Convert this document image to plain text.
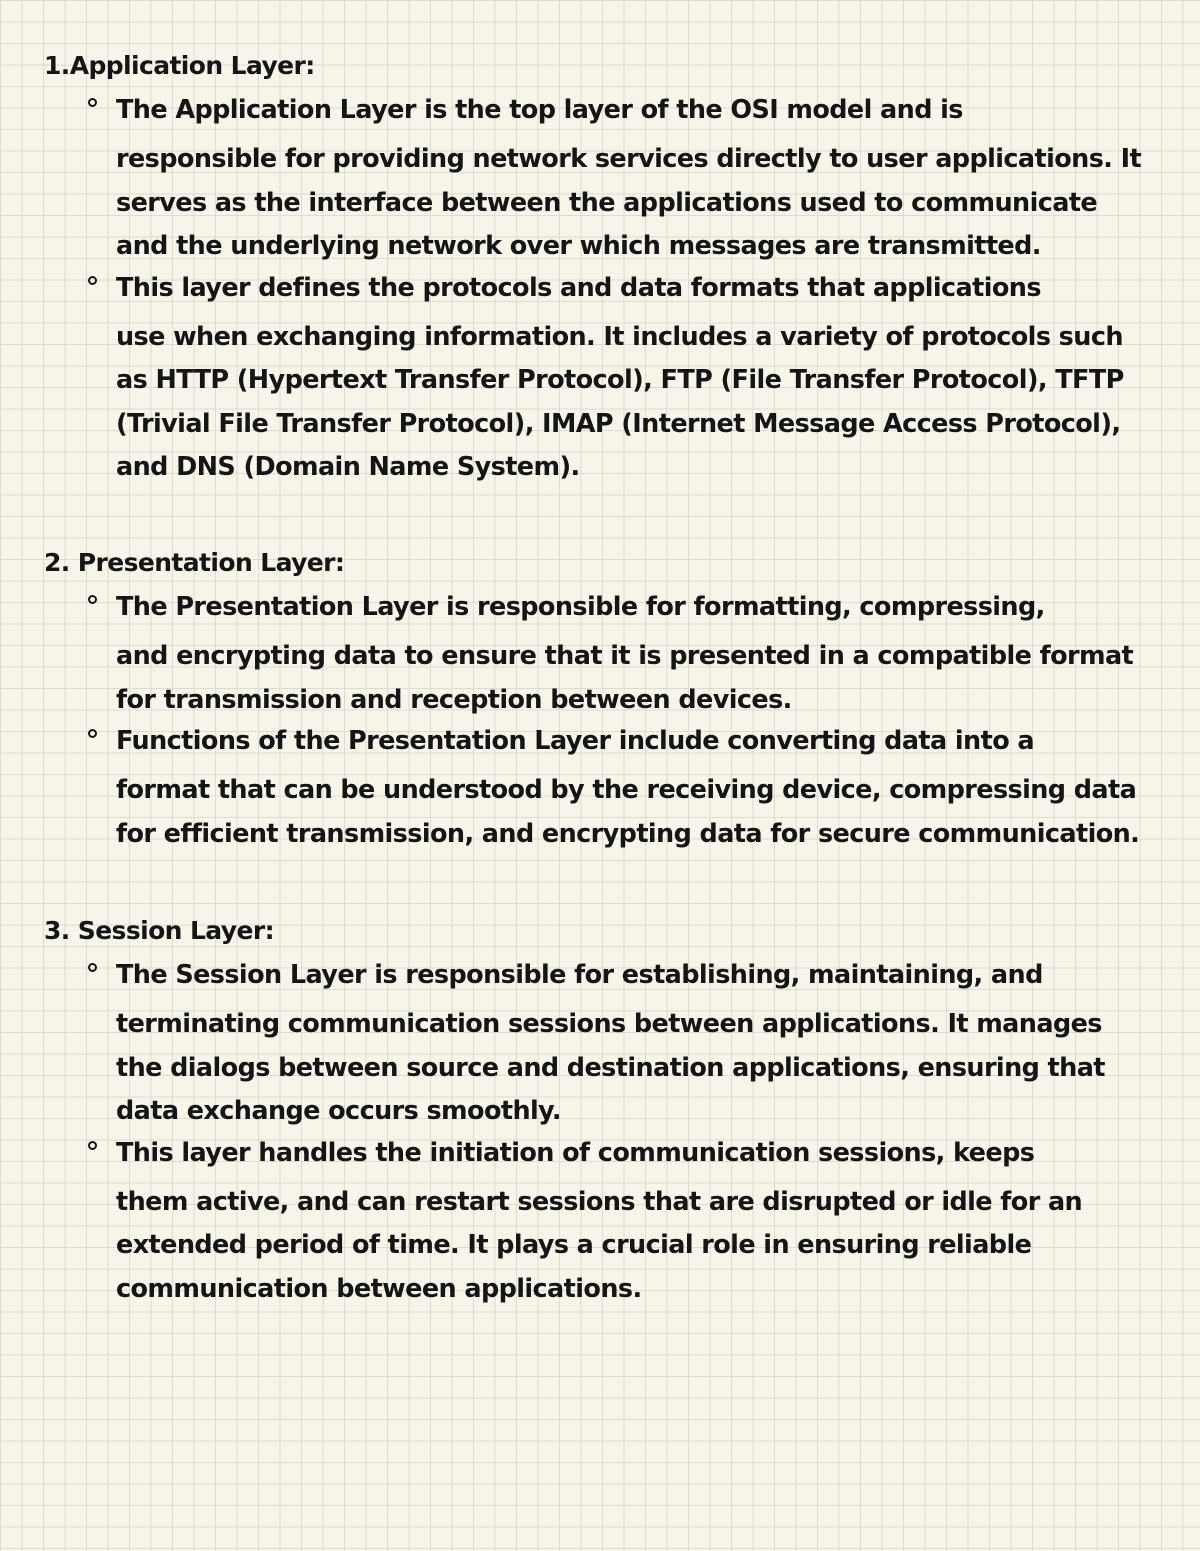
1.Application Layer:
The Application Layer is the top layer of the OSI model and is
responsible for providing network services directly to user applications. It serves as the interface between the applications used to communicate and the underlying network over which messages are transmitted.
This layer defines the protocols and data formats that applications
use when exchanging information. It includes a variety of protocols such as HTTP (Hypertext Transfer Protocol), FTP (File Transfer Protocol), TFTP (Trivial File Transfer Protocol), IMAP (Internet Message Access Protocol), and DNS (Domain Name System).
2. Presentation Layer:
The Presentation Layer is responsible for formatting, compressing,
and encrypting data to ensure that it is presented in a compatible format for transmission and reception between devices.
Functions of the Presentation Layer include converting data into a
format that can be understood by the receiving device, compressing data for efficient transmission, and encrypting data for secure communication.
3. Session Layer:
The Session Layer is responsible for establishing, maintaining, and
terminating communication sessions between applications. It manages the dialogs between source and destination applications, ensuring that data exchange occurs smoothly.
This layer handles the initiation of communication sessions, keeps
them active, and can restart sessions that are disrupted or idle for an extended period of time. It plays a crucial role in ensuring reliable communication between applications.
